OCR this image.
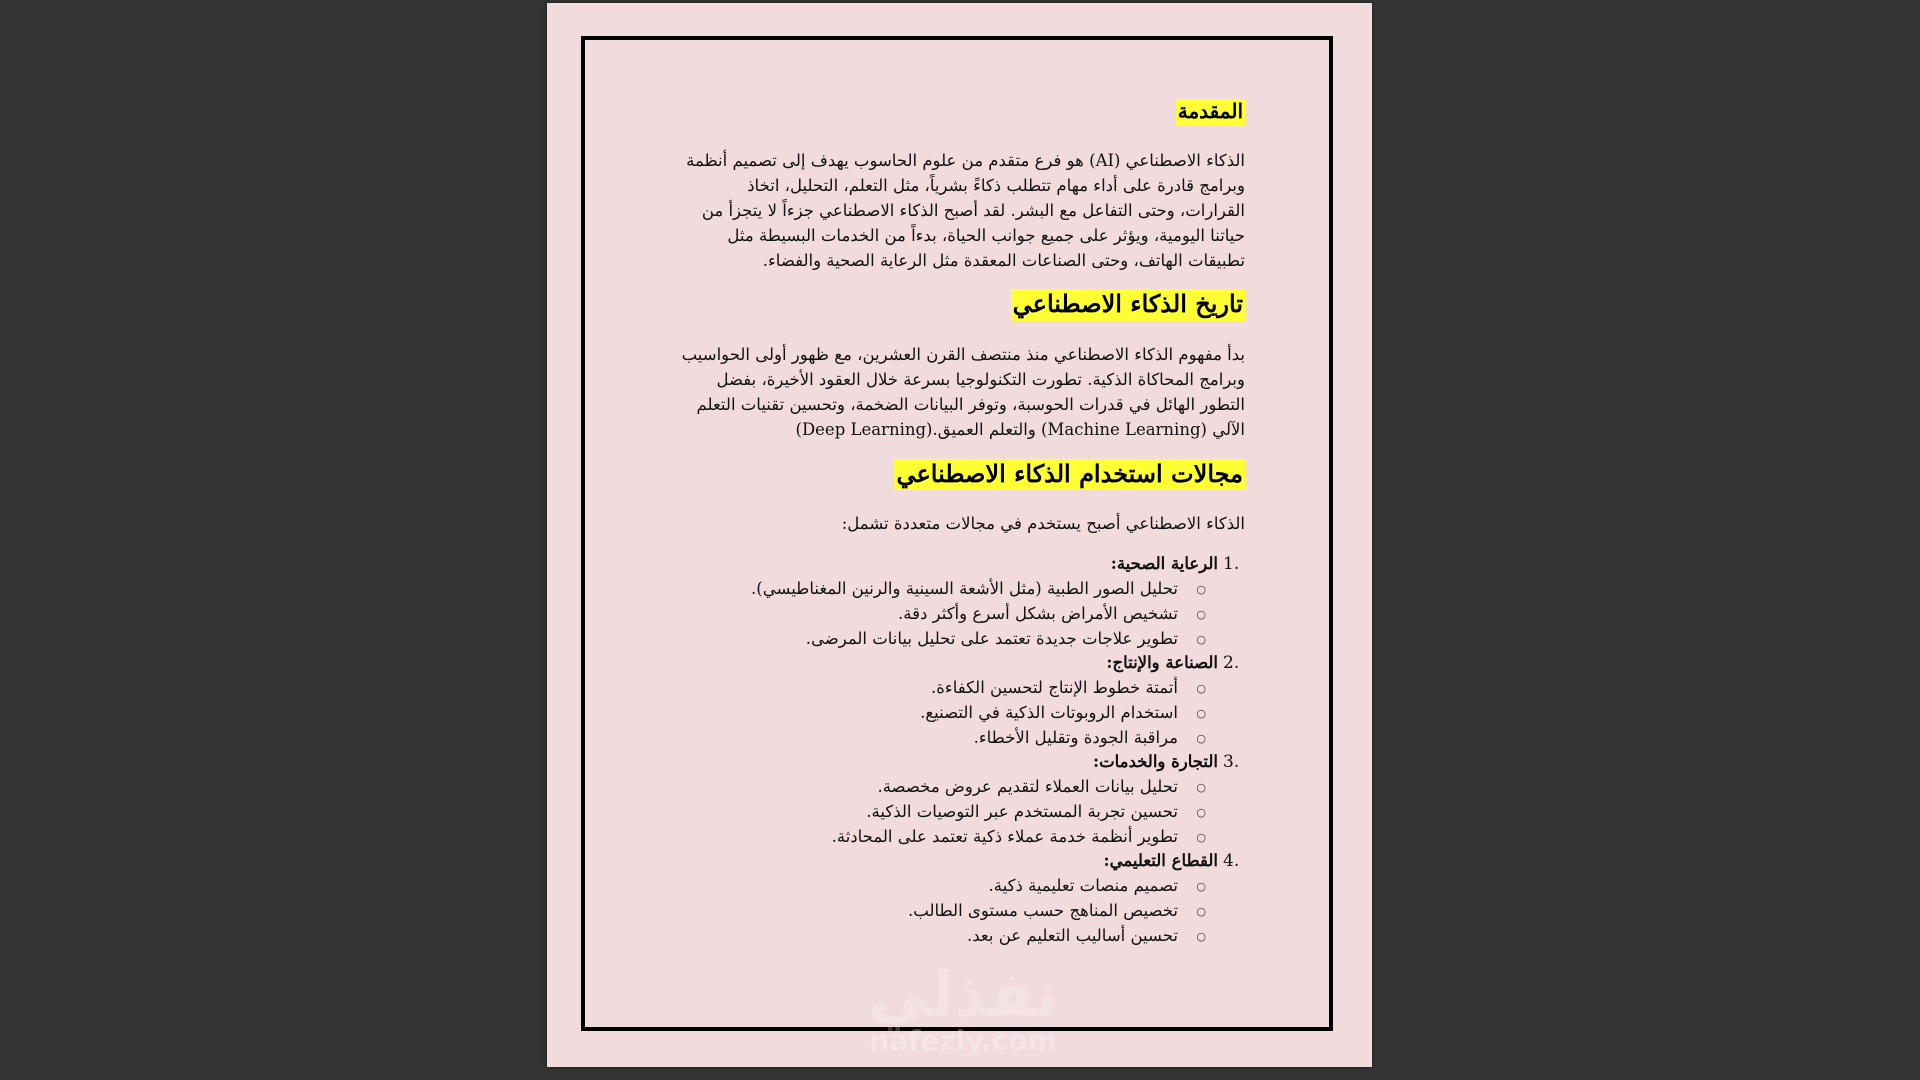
المقدمة

الذكاء الاصطناعي (AI) هو فرع متقدم من علوم الحاسوب يهدف إلى تصميم أنظمة وبرامج قادرة على أداء مهام تتطلب ذكاءً بشرياً، مثل التعلم، التحليل، اتخاذ القرارات، وحتى التفاعل مع البشر. لقد أصبح الذكاء الاصطناعي جزءاً لا يتجزأ من حياتنا اليومية، ويؤثر على جميع جوانب الحياة، بدءاً من الخدمات البسيطة مثل تطبيقات الهاتف، وحتى الصناعات المعقدة مثل الرعاية الصحية والفضاء.

تاريخ الذكاء الاصطناعي

بدأ مفهوم الذكاء الاصطناعي منذ منتصف القرن العشرين، مع ظهور أولى الحواسيب وبرامج المحاكاة الذكية. تطورت التكنولوجيا بسرعة خلال العقود الأخيرة، بفضل التطور الهائل في قدرات الحوسبة، وتوفر البيانات الضخمة، وتحسين تقنيات التعلم الآلي (Machine Learning) والتعلم العميق.(Deep Learning)

مجالات استخدام الذكاء الاصطناعي

الذكاء الاصطناعي أصبح يستخدم في مجالات متعددة تشمل:

1.
الرعاية الصحية:
○
تحليل الصور الطبية (مثل الأشعة السينية والرنين المغناطيسي).
○
تشخيص الأمراض بشكل أسرع وأكثر دقة.
○
تطوير علاجات جديدة تعتمد على تحليل بيانات المرضى.
2.
الصناعة والإنتاج:
○
أتمتة خطوط الإنتاج لتحسين الكفاءة.
○
استخدام الروبوتات الذكية في التصنيع.
○
مراقبة الجودة وتقليل الأخطاء.
3.
التجارة والخدمات:
○
تحليل بيانات العملاء لتقديم عروض مخصصة.
○
تحسين تجربة المستخدم عبر التوصيات الذكية.
○
تطوير أنظمة خدمة عملاء ذكية تعتمد على المحادثة.
4.
القطاع التعليمي:
○
تصميم منصات تعليمية ذكية.
○
تخصيص المناهج حسب مستوى الطالب.
○
تحسين أساليب التعليم عن بعد.
نفذلي
nafezly.com
